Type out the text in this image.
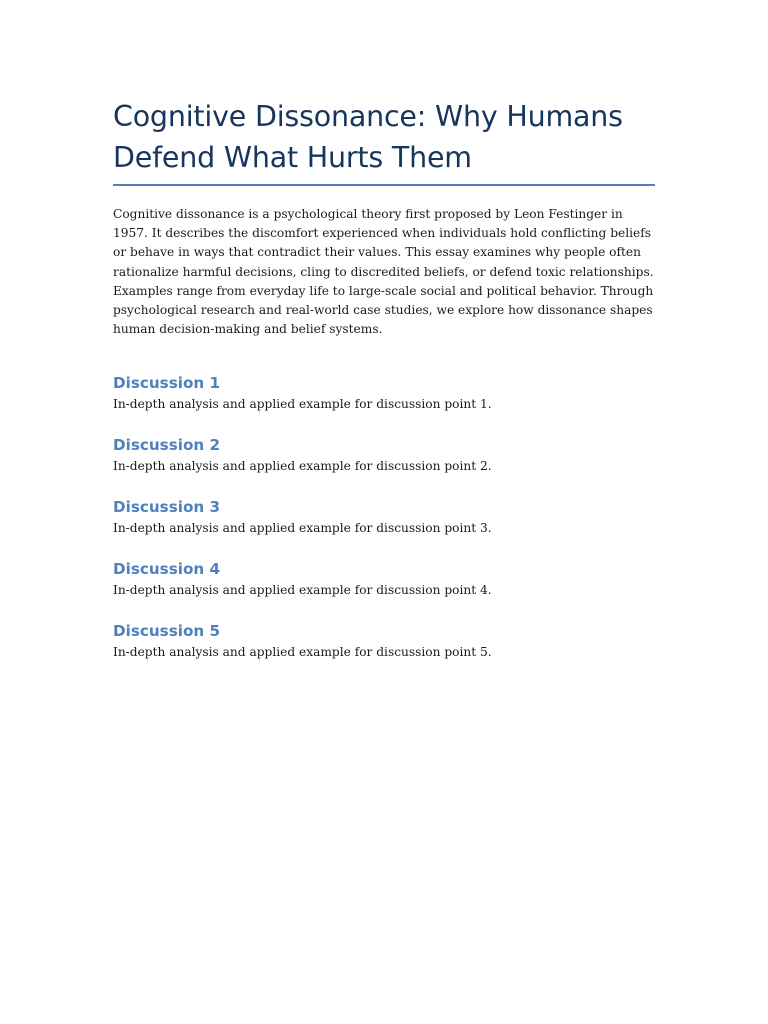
Cognitive Dissonance: Why Humans Defend What Hurts Them

Cognitive dissonance is a psychological theory first proposed by Leon Festinger in 1957. It describes the discomfort experienced when individuals hold conflicting beliefs or behave in ways that contradict their values. This essay examines why people often rationalize harmful decisions, cling to discredited beliefs, or defend toxic relationships. Examples range from everyday life to large-scale social and political behavior. Through psychological research and real-world case studies, we explore how dissonance shapes human decision-making and belief systems.

Discussion 1

In-depth analysis and applied example for discussion point 1.

Discussion 2

In-depth analysis and applied example for discussion point 2.

Discussion 3

In-depth analysis and applied example for discussion point 3.

Discussion 4

In-depth analysis and applied example for discussion point 4.

Discussion 5

In-depth analysis and applied example for discussion point 5.
